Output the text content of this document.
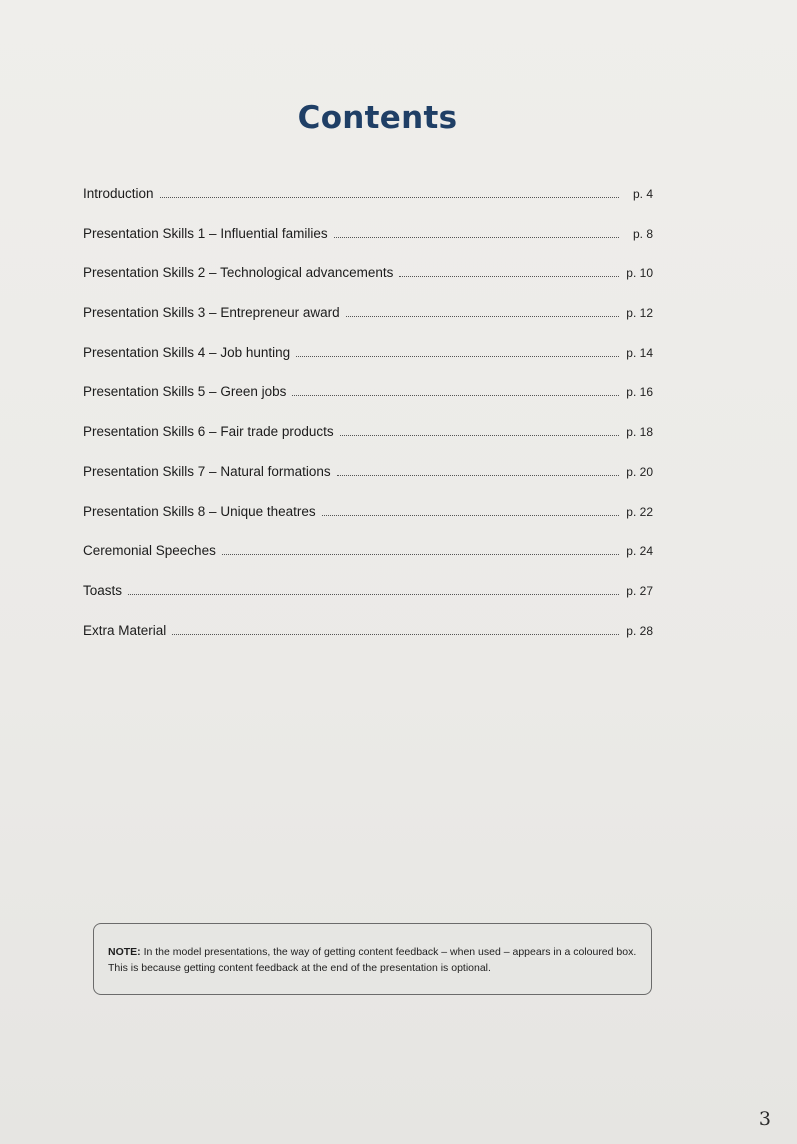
Contents
Introduction	p. 4
Presentation Skills 1 – Influential families	p. 8
Presentation Skills 2 – Technological advancements	p. 10
Presentation Skills 3 – Entrepreneur award	p. 12
Presentation Skills 4 – Job hunting	p. 14
Presentation Skills 5 – Green jobs	p. 16
Presentation Skills 6 – Fair trade products	p. 18
Presentation Skills 7 – Natural formations	p. 20
Presentation Skills 8 – Unique theatres	p. 22
Ceremonial Speeches	p. 24
Toasts	p. 27
Extra Material	p. 28
NOTE: In the model presentations, the way of getting content feedback – when used – appears in a coloured box. This is because getting content feedback at the end of the presentation is optional.
3
